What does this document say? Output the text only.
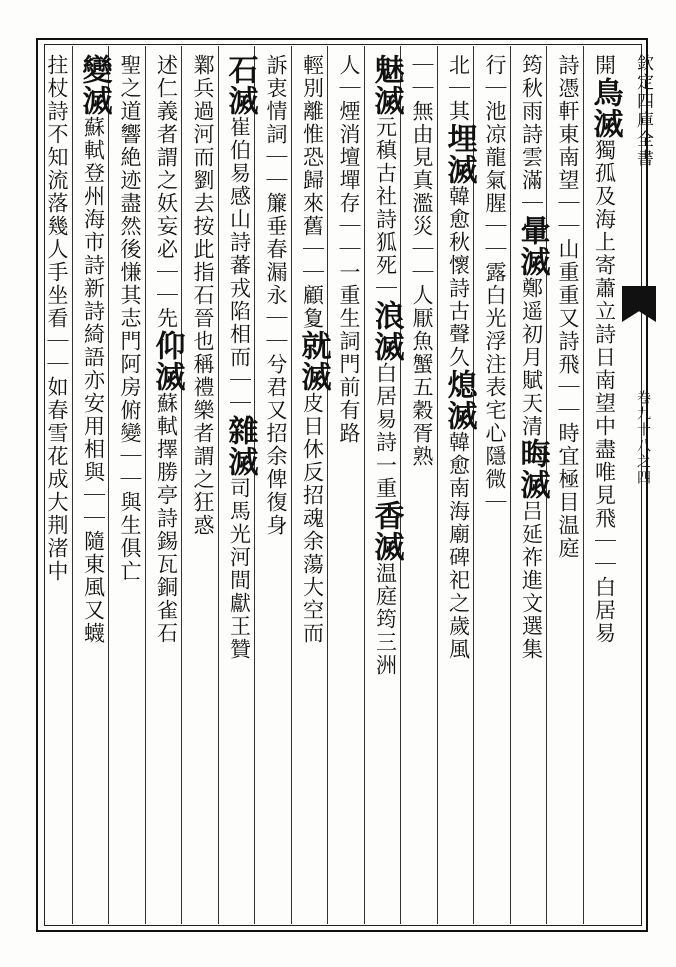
欽定四庫全書
卷九十八之四
開鳥滅獨孤及海上寄蕭立詩日南望中盡唯見飛｜｜白居易
詩憑軒東南望｜｜山重重又詩飛｜｜時宜極目温庭
筠秋雨詩雲滿｜暈滅鄭遥初月賦天清晦滅吕延祚進文選集
行｜池凉龍氣腥｜｜露白光浮注表宅心隱微｜
北｜其埋滅韓愈秋懷詩古聲久熄滅韓愈南海廟碑祀之歲風
｜｜無由見真濫災｜｜人厭魚蟹五穀胥熟
魅滅元稹古社詩狐死｜浪滅白居易詩一重香滅温庭筠三洲
人｜煙消壇墠存｜｜一重生詞門前有路
輕別離惟恐歸來舊｜｜顧夐就滅皮日休反招魂余蕩大空而
訴衷情詞｜｜簾垂春漏永｜｜兮君又招余俾復身
石滅崔伯易感山詩蕃戎陷相而｜｜雜滅司馬光河間獻王贊
鄴兵過河而劉去按此指石晉也稱禮樂者謂之狂惑
述仁義者謂之妖妄必｜｜先仰滅蘇軾擇勝亭詩錫瓦銅雀石
聖之道響絶迹盡然後慊其志門阿房俯變｜｜與生俱亡
變滅蘇軾登州海市詩新詩綺語亦安用相與｜｜隨東風又蠛
拄杖詩不知流落幾人手坐看｜｜如春雪花成大荆渚中
